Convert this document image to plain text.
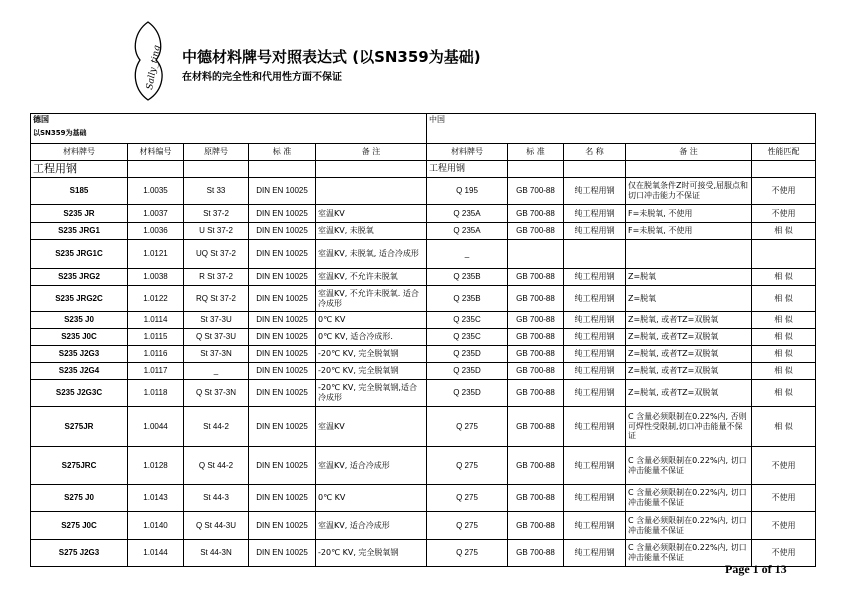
Sally_ting 中德材料牌号对照表达式 (以SN359为基础)
在材料的完全性和代用性方面不保证
德国
以SN359为基础					中国				
材料牌号	材料编号	原牌号	标 准	备 注	材料牌号	标 准	名 称	备 注	性能匹配
工程用钢					工程用钢				
S185	1.0035	St 33	DIN EN 10025		Q 195	GB 700-88	纯工程用钢	仅在脱氧条件Z时可接受,屈服点和切口冲击能力不保证	不使用
S235 JR	1.0037	St 37-2	DIN EN 10025	室温KV	Q 235A	GB 700-88	纯工程用钢	F=未脱氧, 不使用	不使用
S235 JRG1	1.0036	U St 37-2	DIN EN 10025	室温KV, 未脱氧	Q 235A	GB 700-88	纯工程用钢	F=未脱氧, 不使用	相 似
S235 JRG1C	1.0121	UQ St 37-2	DIN EN 10025	室温KV, 未脱氧, 适合冷成形	_				
S235 JRG2	1.0038	R St 37-2	DIN EN 10025	室温KV, 不允许未脱氧	Q 235B	GB 700-88	纯工程用钢	Z=脱氧	相 似
S235 JRG2C	1.0122	RQ St 37-2	DIN EN 10025	室温KV, 不允许未脱氧. 适合冷成形	Q 235B	GB 700-88	纯工程用钢	Z=脱氧	相 似
S235 J0	1.0114	St 37-3U	DIN EN 10025	0℃ KV	Q 235C	GB 700-88	纯工程用钢	Z=脱氧, 或者TZ=双脱氧	相 似
S235 J0C	1.0115	Q St 37-3U	DIN EN 10025	0℃ KV, 适合冷成形.	Q 235C	GB 700-88	纯工程用钢	Z=脱氧, 或者TZ=双脱氧	相 似
S235 J2G3	1.0116	St 37-3N	DIN EN 10025	-20℃ KV, 完全脱氧钢	Q 235D	GB 700-88	纯工程用钢	Z=脱氧, 或者TZ=双脱氧	相 似
S235 J2G4	1.0117	_	DIN EN 10025	-20℃ KV, 完全脱氧钢	Q 235D	GB 700-88	纯工程用钢	Z=脱氧, 或者TZ=双脱氧	相 似
S235 J2G3C	1.0118	Q St 37-3N	DIN EN 10025	-20℃ KV, 完全脱氧钢,适合冷成形	Q 235D	GB 700-88	纯工程用钢	Z=脱氧, 或者TZ=双脱氧	相 似
S275JR	1.0044	St 44-2	DIN EN 10025	室温KV	Q 275	GB 700-88	纯工程用钢	C 含量必须限制在0.22%内, 否则可焊性受限制,切口冲击能量不保证	相 似
S275JRC	1.0128	Q St 44-2	DIN EN 10025	室温KV, 适合冷成形	Q 275	GB 700-88	纯工程用钢	C 含量必须限制在0.22%内, 切口冲击能量不保证	不使用
S275 J0	1.0143	St 44-3	DIN EN 10025	0℃ KV	Q 275	GB 700-88	纯工程用钢	C 含量必须限制在0.22%内, 切口冲击能量不保证	不使用
S275 J0C	1.0140	Q St 44-3U	DIN EN 10025	室温KV, 适合冷成形	Q 275	GB 700-88	纯工程用钢	C 含量必须限制在0.22%内, 切口冲击能量不保证	不使用
S275 J2G3	1.0144	St 44-3N	DIN EN 10025	-20℃ KV, 完全脱氧钢	Q 275	GB 700-88	纯工程用钢	C 含量必须限制在0.22%内, 切口冲击能量不保证	不使用
Page 1 of 13
